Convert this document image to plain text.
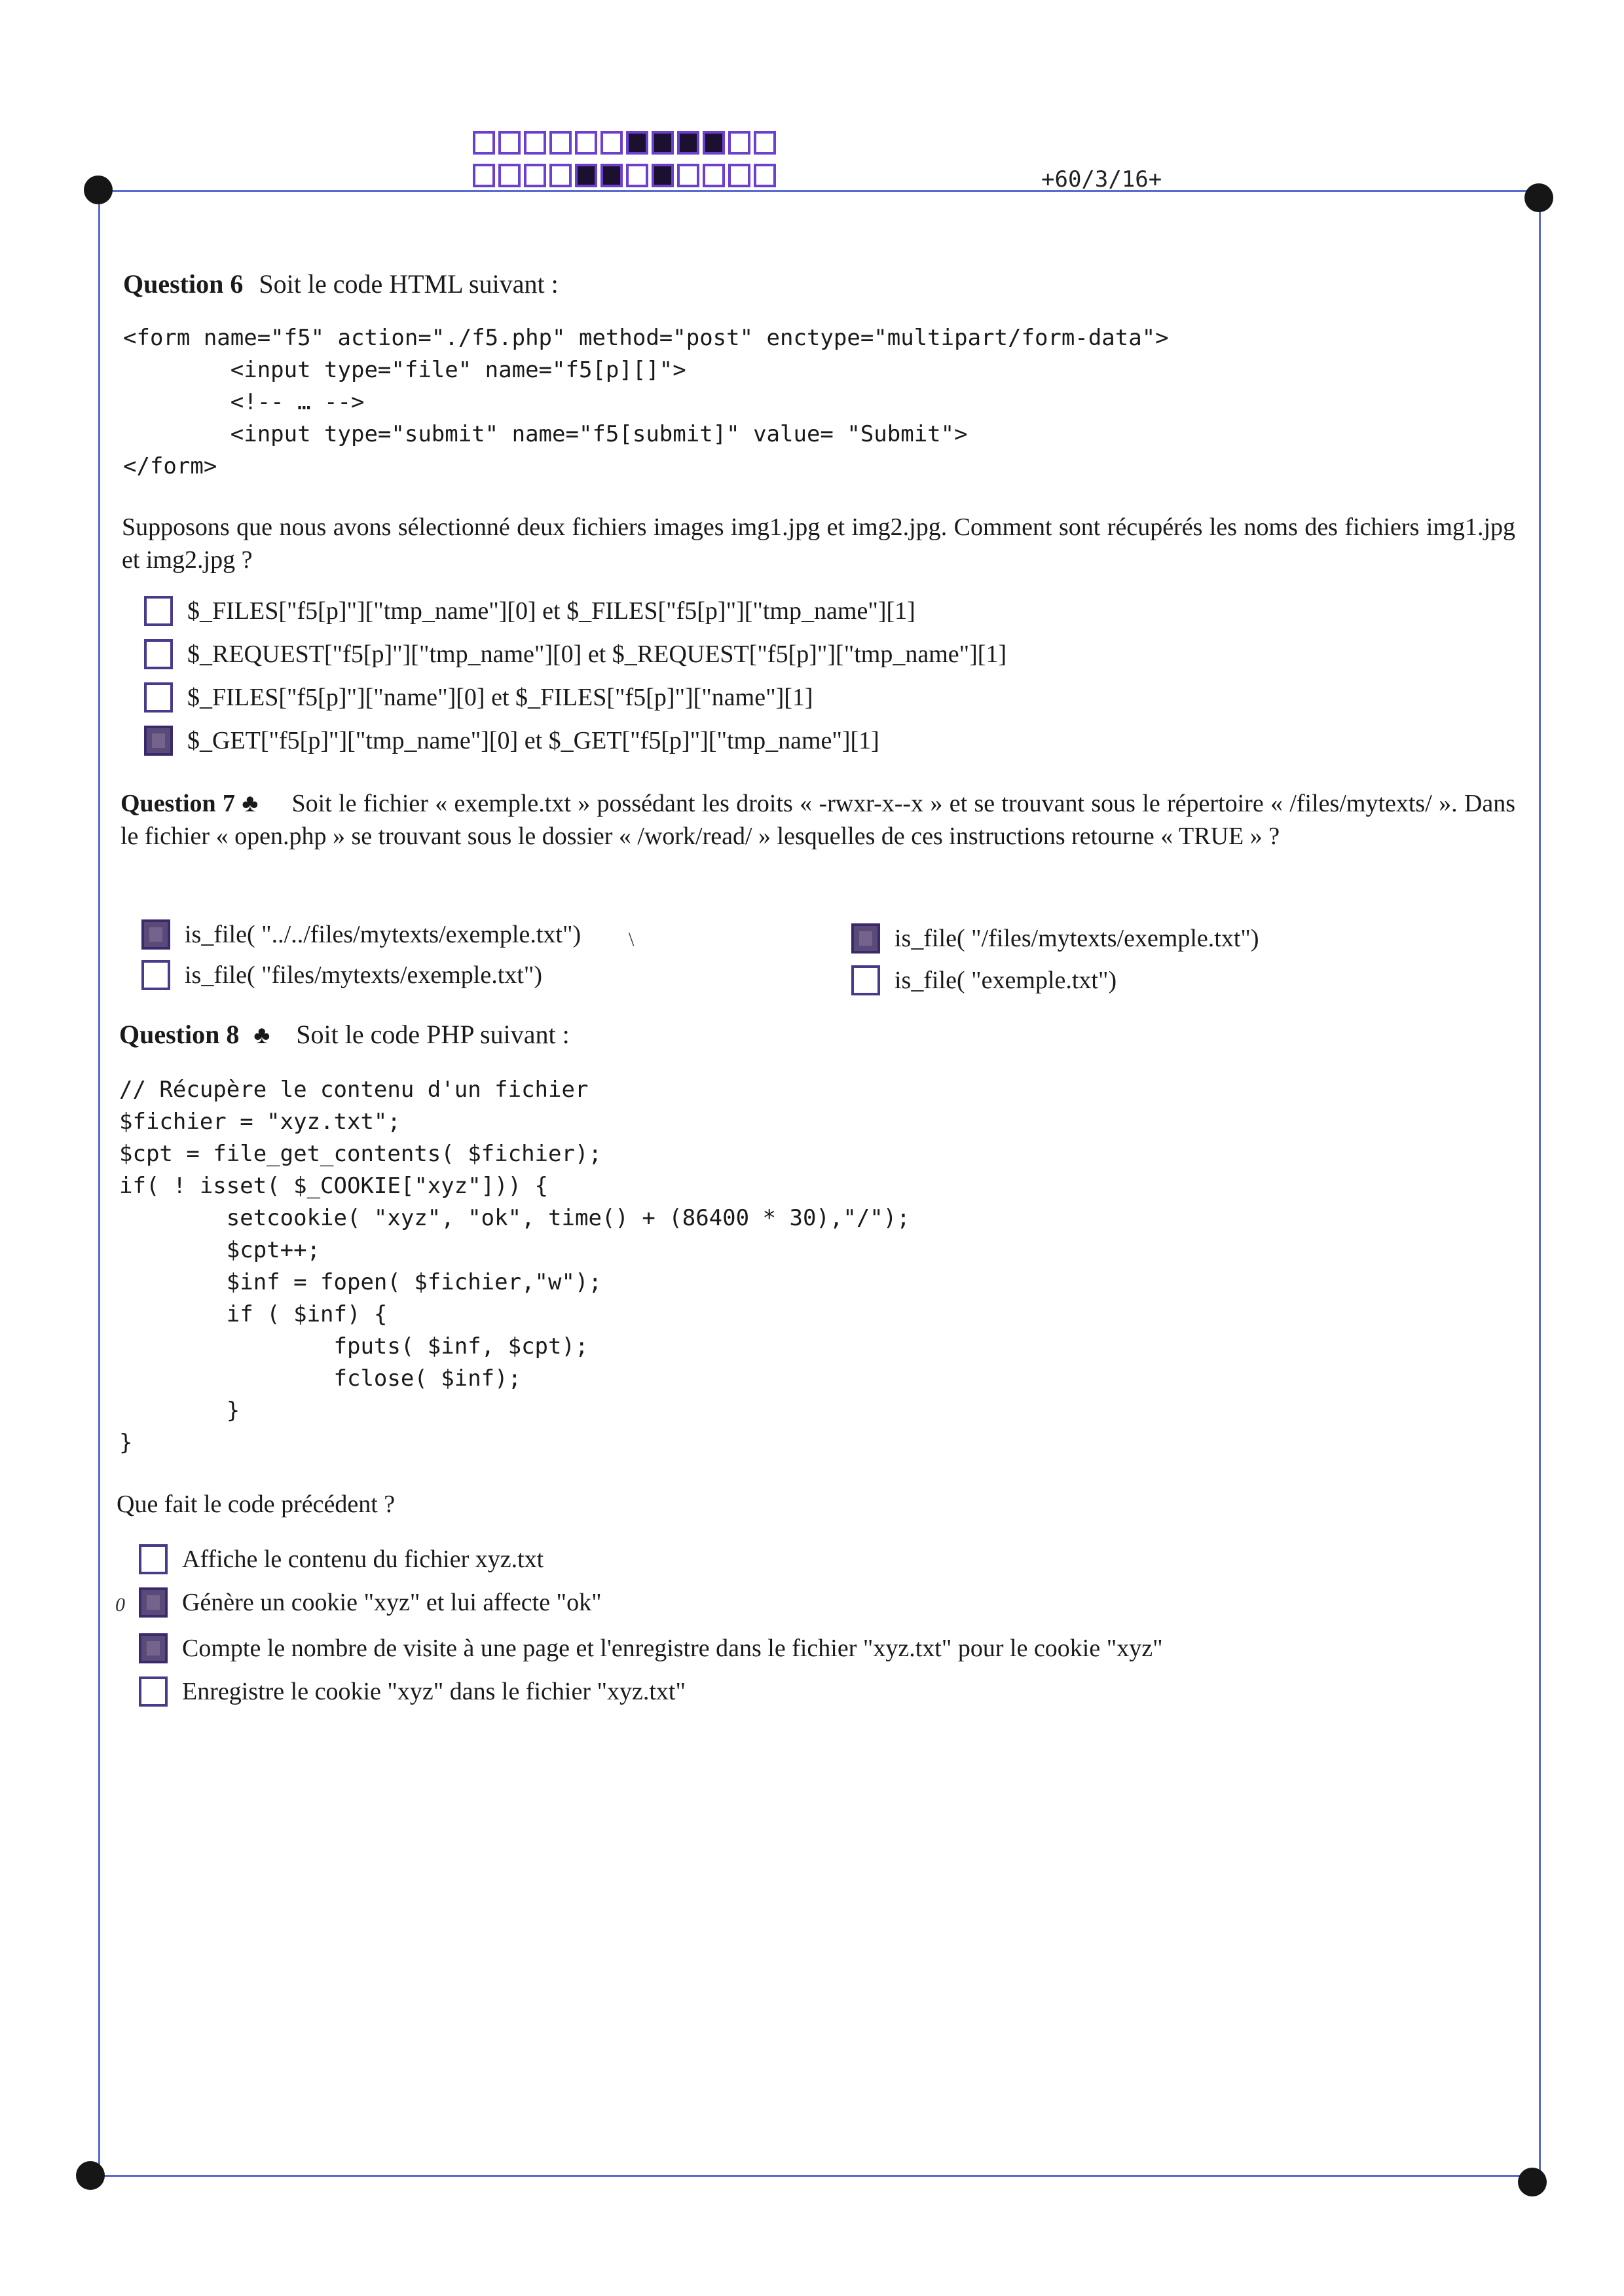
+60/3/16+
Question 6 Soit le code HTML suivant :
<form name="f5" action="./f5.php" method="post" enctype="multipart/form-data">
<input type="file" name="f5[p][]">
<!-- … -->
<input type="submit" name="f5[submit]" value= "Submit">
</form>
Supposons que nous avons sélectionné deux fichiers images img1.jpg et img2.jpg. Comment sont récupérés les noms des fichiers img1.jpg et img2.jpg ?
$_FILES["f5[p]"]["tmp_name"][0] et $_FILES["f5[p]"]["tmp_name"][1]
$_REQUEST["f5[p]"]["tmp_name"][0] et $_REQUEST["f5[p]"]["tmp_name"][1]
$_FILES["f5[p]"]["name"][0] et $_FILES["f5[p]"]["name"][1]
$_GET["f5[p]"]["tmp_name"][0] et $_GET["f5[p]"]["tmp_name"][1]
Question 7 ♣ Soit le fichier « exemple.txt » possédant les droits « -rwxr-x--x » et se trouvant sous le répertoire « /files/mytexts/ ». Dans le fichier « open.php » se trouvant sous le dossier « /work/read/ » lesquelles de ces instructions retourne « TRUE » ?
is_file( "../../files/mytexts/exemple.txt") \	is_file( "/files/mytexts/exemple.txt")
is_file( "files/mytexts/exemple.txt")	is_file( "exemple.txt")
Question 8 ♣ Soit le code PHP suivant :
// Récupère le contenu d'un fichier
$fichier = "xyz.txt";
$cpt = file_get_contents( $fichier);
if( ! isset( $_COOKIE["xyz"])) {
setcookie( "xyz", "ok", time() + (86400 * 30),"/");
$cpt++;
$inf = fopen( $fichier,"w");
if ( $inf) {
fputs( $inf, $cpt);
fclose( $inf);
}
}
Que fait le code précédent ?
0
Affiche le contenu du fichier xyz.txt
Génère un cookie "xyz" et lui affecte "ok"
Compte le nombre de visite à une page et l'enregistre dans le fichier "xyz.txt" pour le cookie "xyz"
Enregistre le cookie "xyz" dans le fichier "xyz.txt"
